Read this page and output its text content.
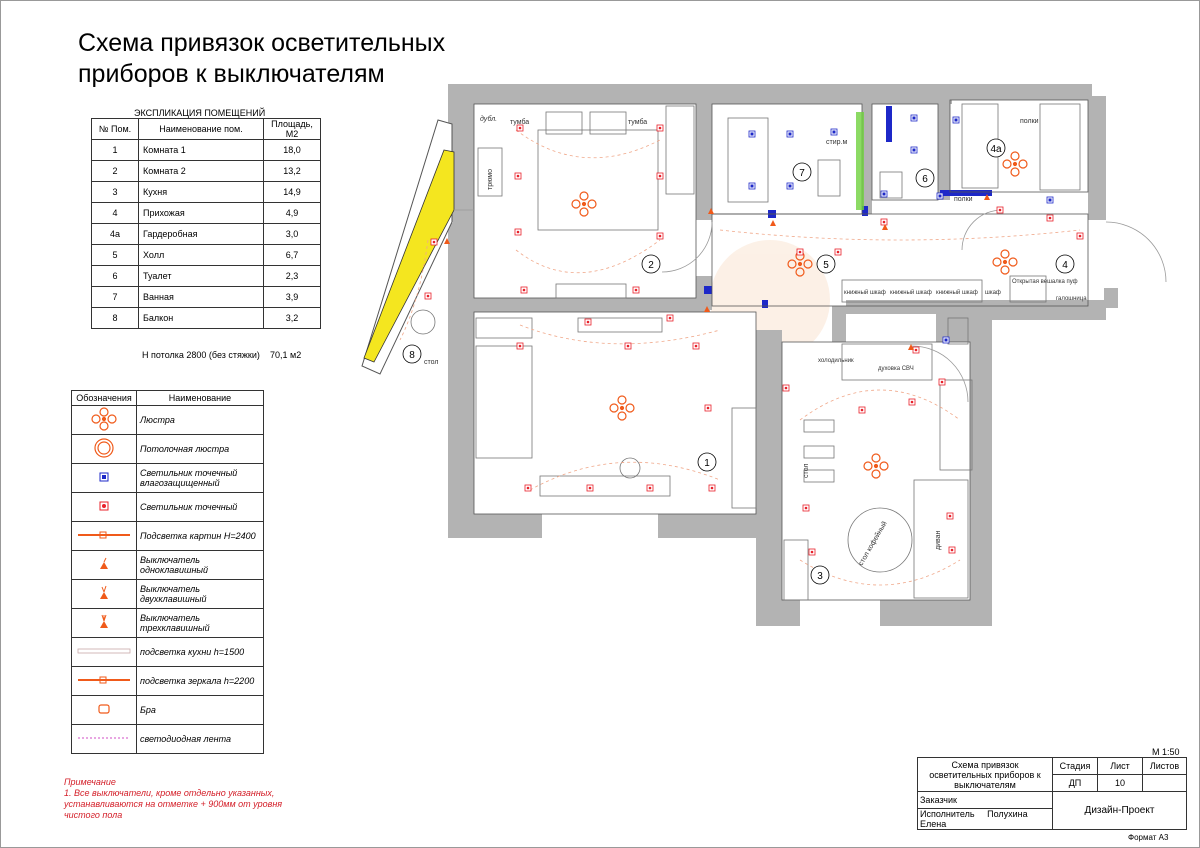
Схема привязок осветительных приборов к выключателям
ЭКСПЛИКАЦИЯ ПОМЕЩЕНИЙ
№ Пом.	Наименование пом.	Площадь, М2
1	Комната 1	18,0
2	Комната 2	13,2
3	Кухня	14,9
4	Прихожая	4,9
4а	Гардеробная	3,0
5	Холл	6,7
6	Туалет	2,3
7	Ванная	3,9
8	Балкон	3,2
Н потолка 2800 (без стяжки) 70,1 м2
Обозначения	Наименование
	Люстра
	Потолочная люстра
	Светильник точечный влагозащищенный
	Светильник точечный
	Подсветка картин Н=2400
	Выключатель одноклавишный
	Выключатель двухклавишный
	Выключатель трехклавишный
	подсветка кухни h=1500
	подсветка зеркала h=2200
	Бра
	светодиодная лента
Примечание
1. Все выключатели, кроме отдельно указанных, устанавливаются на отметке + 900мм от уровня чистого пола
1
2
3
4
4а
5
6
7
8
дубл. тумба	тумба
трюмо
стир.м
полки
полки
книжный шкаф книжный шкаф книжный шкаф шкаф
Открытая вешалка пуф
галошница
стол
стол
стол кофейный	диван
холодильник
духовка СВЧ
М 1:50
Схема привязок осветительных приборов к выключателям	Стадия	Лист	Листов
	ДП	10	
Заказчик	Дизайн-Проект		
Исполнитель Полухина Елена			
Формат А3
